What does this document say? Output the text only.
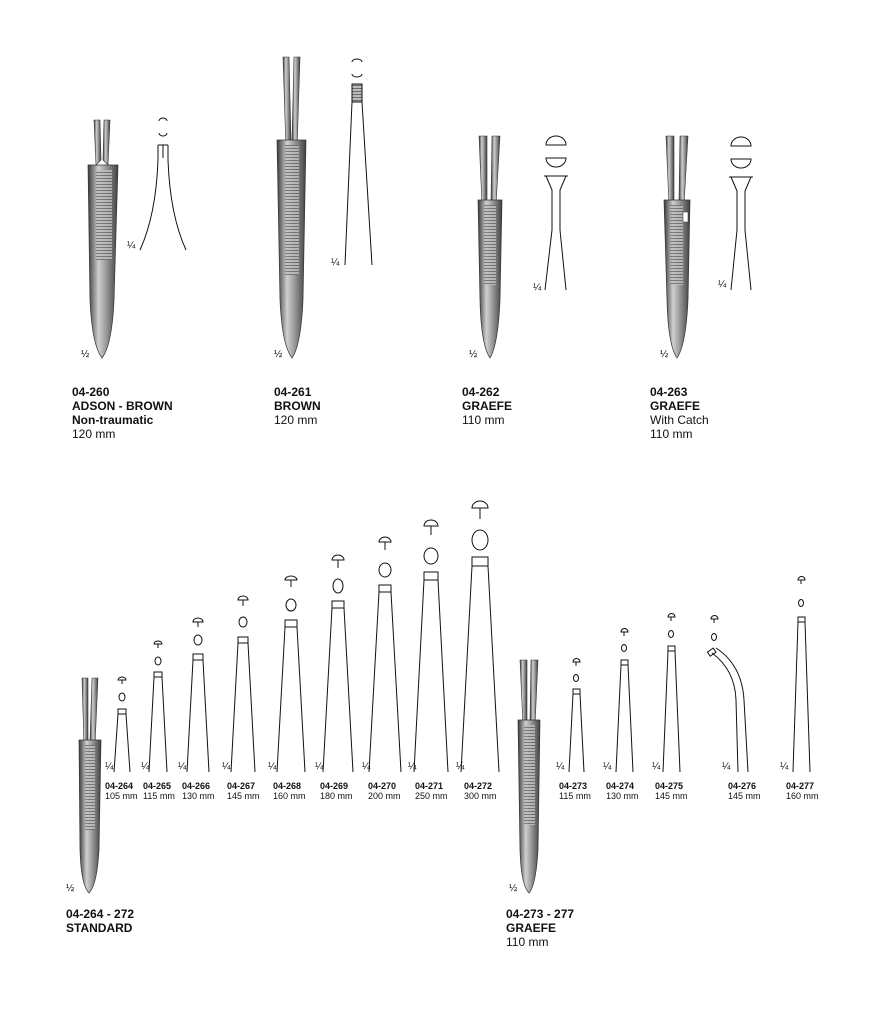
¼
½
¼
½
¼
½
¼
½
04-260
ADSON - BROWN
Non-traumatic
120 mm
04-261
BROWN
120 mm
04-262
GRAEFE
110 mm
04-263
GRAEFE
With Catch
110 mm
¼
04-264
105 mm
¼
04-265
115 mm
¼
04-266
130 mm
¼
04-267
145 mm
¼
04-268
160 mm
¼
04-269
180 mm
¼
04-270
200 mm
¼
04-271
250 mm
¼
04-272
300 mm
¼
04-273
115 mm
¼
04-274
130 mm
¼
04-275
145 mm
¼
04-276
145 mm
¼
04-277
160 mm
½	½
04-264 - 272
STANDARD
04-273 - 277
GRAEFE
110 mm
